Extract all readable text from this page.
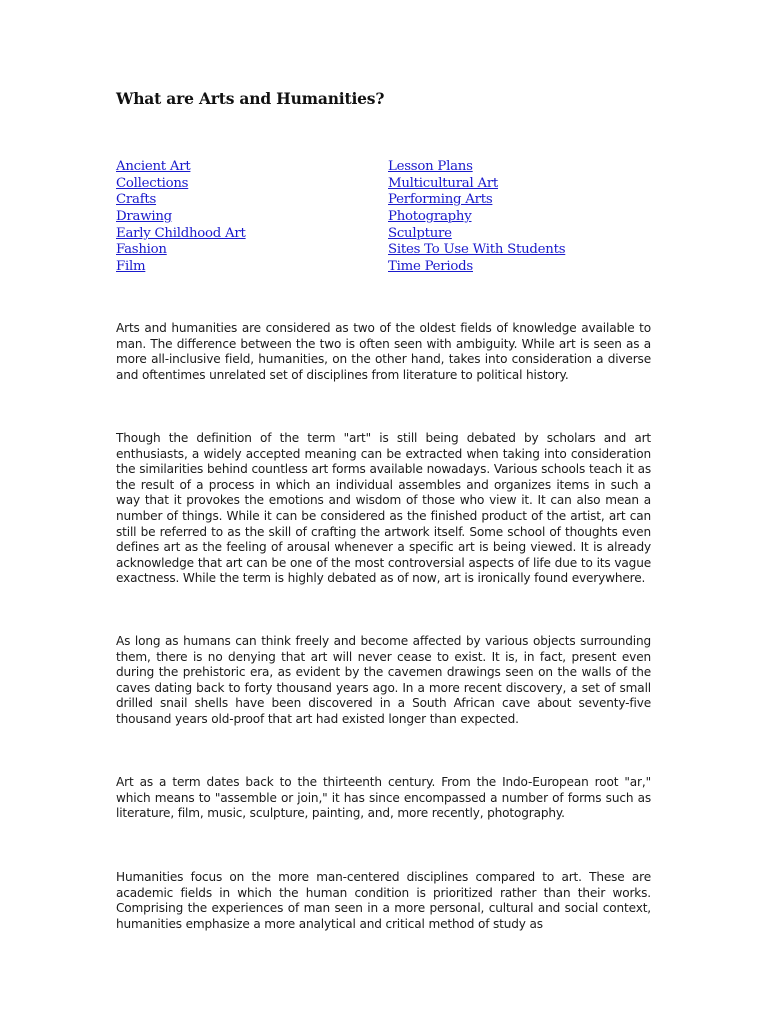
What are Arts and Humanities?
Ancient Art
Collections
Crafts
Drawing
Early Childhood Art
Fashion
Film
Lesson Plans
Multicultural Art
Performing Arts
Photography
Sculpture
Sites To Use With Students
Time Periods

Arts and humanities are considered as two of the oldest fields of knowledge available to man. The difference between the two is often seen with ambiguity. While art is seen as a more all-inclusive field, humanities, on the other hand, takes into consideration a diverse and oftentimes unrelated set of disciplines from literature to political history.

Though the definition of the term "art" is still being debated by scholars and art enthusiasts, a widely accepted meaning can be extracted when taking into consideration the similarities behind countless art forms available nowadays. Various schools teach it as the result of a process in which an individual assembles and organizes items in such a way that it provokes the emotions and wisdom of those who view it. It can also mean a number of things. While it can be considered as the finished product of the artist, art can still be referred to as the skill of crafting the artwork itself. Some school of thoughts even defines art as the feeling of arousal whenever a specific art is being viewed. It is already acknowledge that art can be one of the most controversial aspects of life due to its vague exactness. While the term is highly debated as of now, art is ironically found everywhere.

As long as humans can think freely and become affected by various objects surrounding them, there is no denying that art will never cease to exist. It is, in fact, present even during the prehistoric era, as evident by the cavemen drawings seen on the walls of the caves dating back to forty thousand years ago. In a more recent discovery, a set of small drilled snail shells have been discovered in a South African cave about seventy-five thousand years old-proof that art had existed longer than expected.

Art as a term dates back to the thirteenth century. From the Indo-European root "ar," which means to "assemble or join," it has since encompassed a number of forms such as literature, film, music, sculpture, painting, and, more recently, photography.

Humanities focus on the more man-centered disciplines compared to art. These are academic fields in which the human condition is prioritized rather than their works. Comprising the experiences of man seen in a more personal, cultural and social context, humanities emphasize a more analytical and critical method of study as
